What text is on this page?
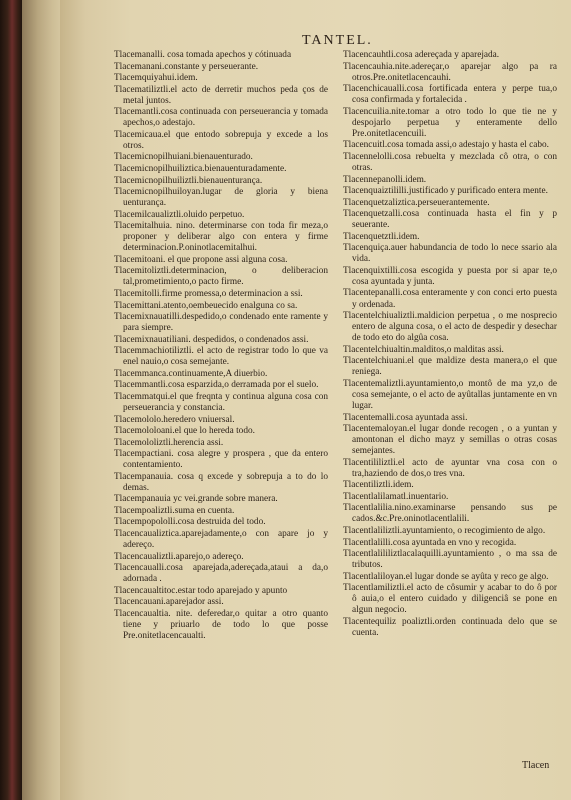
TANTEL.
Tlacemanalli. cosa tomada apechos y cótinuada
Tlacemanani.constante y perseuerante.
Tlacemquiyahui.idem.
Tlacematiliztli.el acto de derretir muchos peda ços de metal juntos.
Tlacemantli.cosa continuada con perseuerancia y tomada apechos,o adestajo.
Tlacemicaua.el que entodo sobrepuja y excede a los otros.
Tlacemicnopilhuiani.bienauenturado.
Tlacemicnopilhuiliztica.bienauenturadamente.
Tlacemicnopilhuiliztli.bienauenturança.
Tlacemicnopilhuiloyan.lugar de gloria y biena uenturança.
Tlacemilcaualiztli.oluido perpetuo.
Tlacemitalhuia. nino. determinarse con toda fir meza,o proponer y deliberar algo con entera y firme determinacion.P.oninotlacemitalhui.
Tlacemitoani. el que propone assi alguna cosa.
Tlacemitoliztli.determinacion, o deliberacion tal,prometimiento,o pacto firme.
Tlacemitolli.firme promessa,o determinacion a ssi.
Tlacemittani.atento,oembeuecido enalguna co sa.
Tlacemixnauatilli.despedido,o condenado ente ramente y para siempre.
Tlacemixnauatiliani. despedidos, o condenados assi.
Tlacemmachiotiliztli. el acto de registrar todo lo que va enel nauio,o cosa semejante.
Tlacemmanca.continuamente,A diuerbio.
Tlacemmantli.cosa esparzida,o derramada por el suelo.
Tlacemmatqui.el que freqnta y continua alguna cosa con perseuerancia y constancia.
Tlacemololo.heredero vniuersal.
Tlacemololoani.el que lo hereda todo.
Tlacemololiztli.herencia assi.
Tlacempactiani. cosa alegre y prospera , que da entero contentamiento.
Tlacempanauia. cosa q excede y sobrepuja a to do lo demas.
Tlacempanauia yc vei.grande sobre manera.
Tlacempoaliztli.suma en cuenta.
Tlacempopololli.cosa destruida del todo.
Tlacencaualiztica.aparejadamente,o con apare jo y adereço.
Tlacencaualiztli.aparejo,o adereço.
Tlacencaualli.cosa aparejada,adereçada,ataui a da,o adornada .
Tlacencaualtitoc.estar todo aparejado y apunto
Tlacencauani.aparejador assi.
Tlacencaualtia. nite. deferedar,o quitar a otro quanto tiene y priuarlo de todo lo que posse Pre.onitetlacencaualti.
Tlacencauhtli.cosa adereçada y aparejada.
Tlacencauhia.nite.adereçar,o aparejar algo pa ra otros.Pre.onitetlacencauhi.
Tlacenchicaualli.cosa fortificada entera y perpe tua,o cosa confirmada y fortalecida .
Tlacencuilia.nite.tomar a otro todo lo que tie ne y despojarlo perpetua y enteramente dello Pre.onitetlacencuili.
Tlacencuitl.cosa tomada assi,o adestajo y hasta el cabo.
Tlacennelolli.cosa rebuelta y mezclada cô otra, o con otras.
Tlacennepanolli.idem.
Tlacenquaiztililli.justificado y purificado entera mente.
Tlacenquetzaliztica.perseuerantemente.
Tlacenquetzalli.cosa continuada hasta el fin y p seuerante.
Tlacenquetztli.idem.
Tlacenquiça.auer habundancia de todo lo nece ssario ala vida.
Tlacenquixtilli.cosa escogida y puesta por si apar te,o cosa ayuntada y junta.
Tlacentepanalli.cosa enteramente y con conci erto puesta y ordenada.
Tlacentelchiualiztli.maldicion perpetua , o me nosprecio entero de alguna cosa, o el acto de despedir y desechar de todo eto do algûa cosa.
Tlacentelchiualtin.malditos,o malditas assi.
Tlacentelchiuani.el que maldize desta manera,o el que reniega.
Tlacentemaliztli.ayuntamiento,o montô de ma yz,o de cosa semejante, o el acto de ayûtallas juntamente en vn lugar.
Tlacentemalli.cosa ayuntada assi.
Tlacentemaloyan.el lugar donde recogen , o a yuntan y amontonan el dicho mayz y semillas o otras cosas semejantes.
Tlacentililiztli.el acto de ayuntar vna cosa con o tra,haziendo de dos,o tres vna.
Tlacentiliztli.idem.
Tlacentlalilamatl.inuentario.
Tlacentlalilia.nino.examinarse pensando sus pe cados.&c.Pre.oninotlacentlalili.
Tlacentlaliliztli.ayuntamiento, o recogimiento de algo.
Tlacentlalilli.cosa ayuntada en vno y recogida.
Tlacentlalililiztlacalaquilli.ayuntamiento , o ma ssa de tributos.
Tlacentlaliloyan.el lugar donde se ayûta y reco ge algo.
Tlacentlamiliztli.el acto de côsumir y acabar to do ô por ô auia,o el entero cuidado y diligenciâ se pone en algun negocio.
Tlacentequiliz poaliztli.orden continuada delo que se cuenta.
Tlacen
